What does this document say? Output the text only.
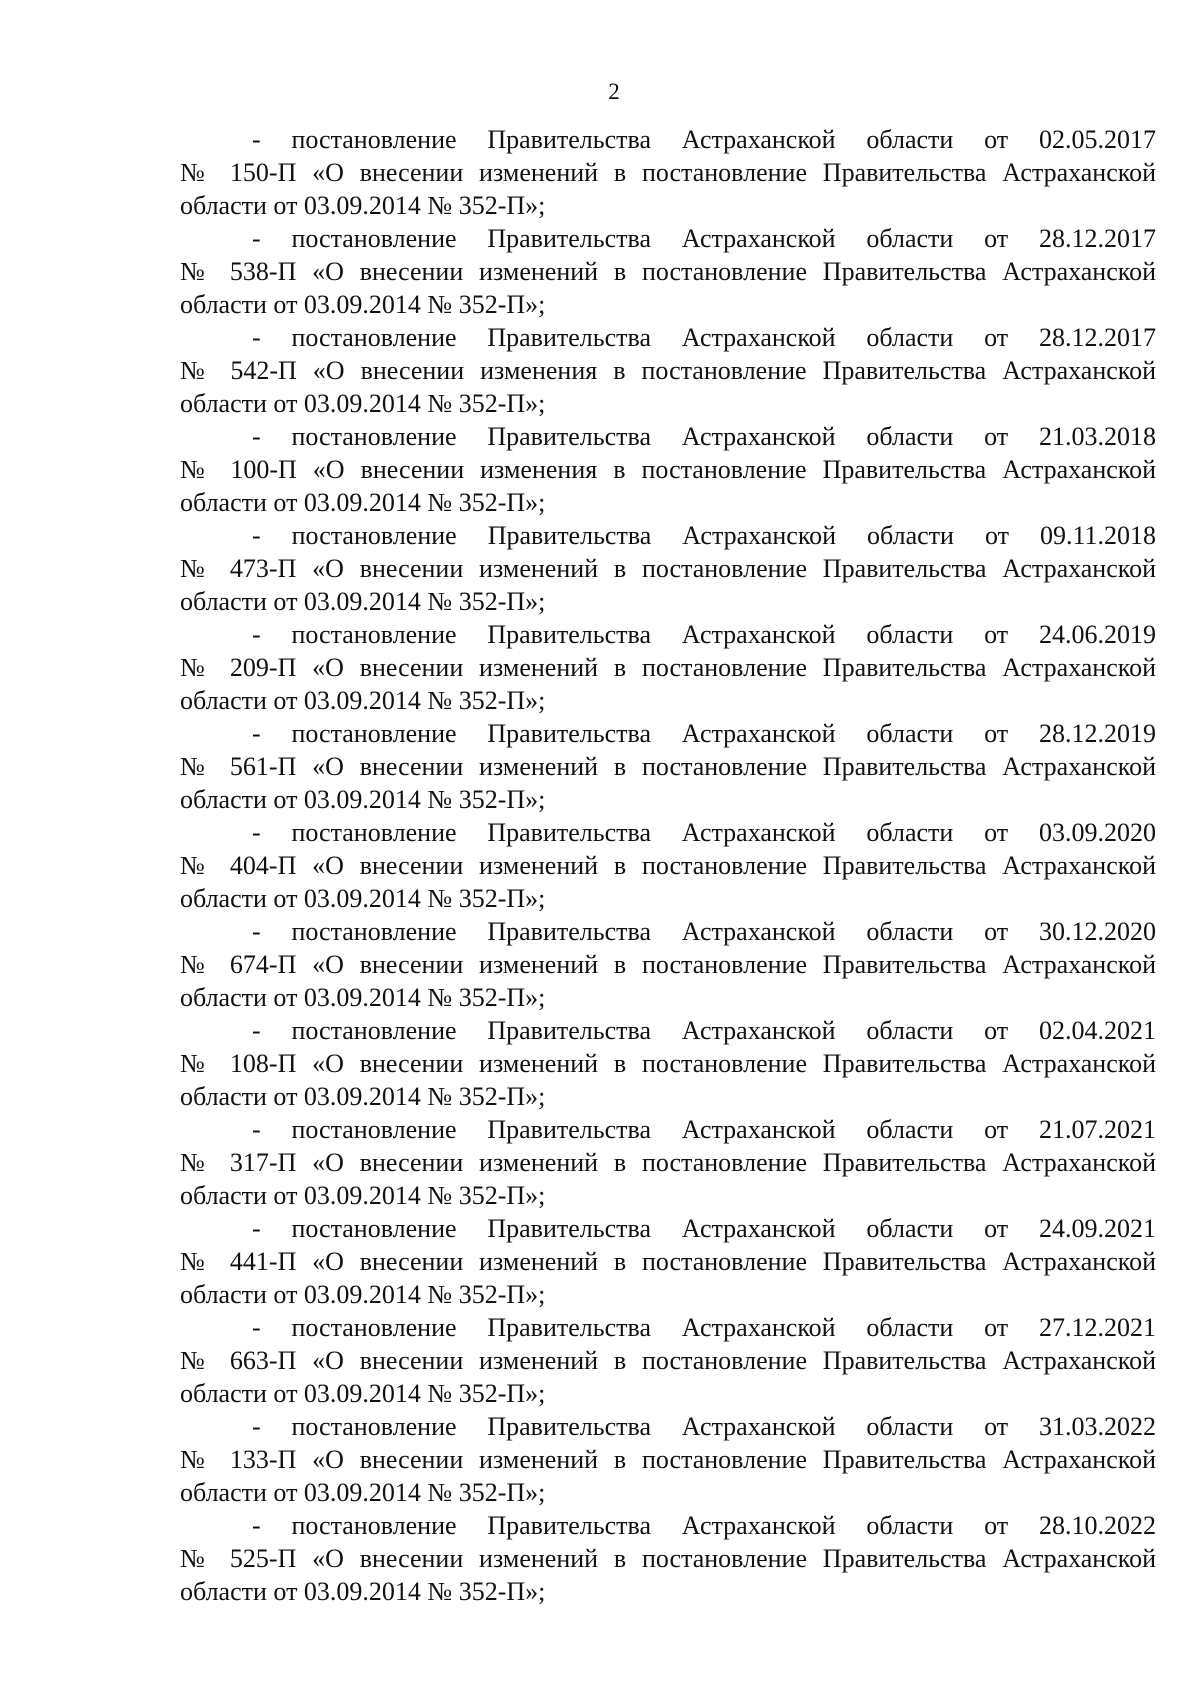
2
- постановление Правительства Астраханской области от 02.05.2017
№ 150-П «О внесении изменений в постановление Правительства Астраханской области от 03.09.2014 № 352-П»;
- постановление Правительства Астраханской области от 28.12.2017
№ 538-П «О внесении изменений в постановление Правительства Астраханской области от 03.09.2014 № 352-П»;
- постановление Правительства Астраханской области от 28.12.2017
№ 542-П «О внесении изменения в постановление Правительства Астраханской области от 03.09.2014 № 352-П»;
- постановление Правительства Астраханской области от 21.03.2018
№ 100-П «О внесении изменения в постановление Правительства Астраханской области от 03.09.2014 № 352-П»;
- постановление Правительства Астраханской области от 09.11.2018
№ 473-П «О внесении изменений в постановление Правительства Астраханской области от 03.09.2014 № 352-П»;
- постановление Правительства Астраханской области от 24.06.2019
№ 209-П «О внесении изменений в постановление Правительства Астраханской области от 03.09.2014 № 352-П»;
- постановление Правительства Астраханской области от 28.12.2019
№ 561-П «О внесении изменений в постановление Правительства Астраханской области от 03.09.2014 № 352-П»;
- постановление Правительства Астраханской области от 03.09.2020
№ 404-П «О внесении изменений в постановление Правительства Астраханской области от 03.09.2014 № 352-П»;
- постановление Правительства Астраханской области от 30.12.2020
№ 674-П «О внесении изменений в постановление Правительства Астраханской области от 03.09.2014 № 352-П»;
- постановление Правительства Астраханской области от 02.04.2021
№ 108-П «О внесении изменений в постановление Правительства Астраханской области от 03.09.2014 № 352-П»;
- постановление Правительства Астраханской области от 21.07.2021
№ 317-П «О внесении изменений в постановление Правительства Астраханской области от 03.09.2014 № 352-П»;
- постановление Правительства Астраханской области от 24.09.2021
№ 441-П «О внесении изменений в постановление Правительства Астраханской области от 03.09.2014 № 352-П»;
- постановление Правительства Астраханской области от 27.12.2021
№ 663-П «О внесении изменений в постановление Правительства Астраханской области от 03.09.2014 № 352-П»;
- постановление Правительства Астраханской области от 31.03.2022
№ 133-П «О внесении изменений в постановление Правительства Астраханской области от 03.09.2014 № 352-П»;
- постановление Правительства Астраханской области от 28.10.2022
№ 525-П «О внесении изменений в постановление Правительства Астраханской области от 03.09.2014 № 352-П»;
